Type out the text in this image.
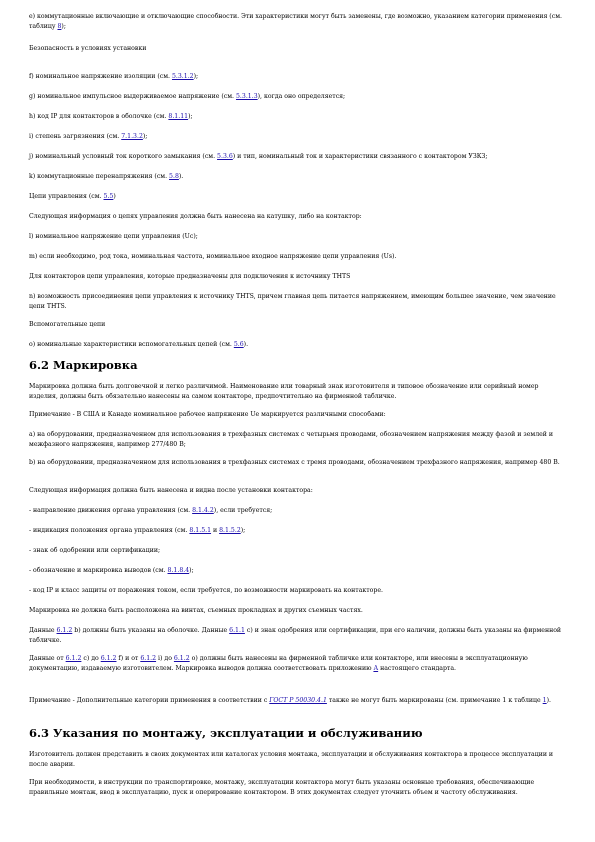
е) коммутационные включающие и отключающие способности. Эти характеристики могут быть заменены, где возможно, указанием категории применения (см. таблицу 8);
Безопасность в условиях установки
f) номинальное напряжение изоляции (см. 5.3.1.2);
g) номинальное импульсное выдерживаемое напряжение (см. 5.3.1.3), когда оно определяется;
h) код IP для контакторов в оболочке (см. 8.1.11);
i) степень загрязнения (см. 7.1.3.2);
j) номинальный условный ток короткого замыкания (см. 5.3.6) и тип, номинальный ток и характеристики связанного с контактором УЗКЗ;
k) коммутационные перенапряжения (см. 5.8).
Цепи управления (см. 5.5)
Следующая информация о цепях управления должна быть нанесена на катушку, либо на контактор:
l) номинальное напряжение цепи управления (Uc);
m) если необходимо, род тока, номинальная частота, номинальное входное напряжение цепи управления (Us).
Для контакторов цепи управления, которые предназначены для подключения к источнику ТНТS
n) возможность присоединения цепи управления к источнику ТНТS, причем главная цепь питается напряжением, имеющим большее значение, чем значение цепи ТНТS.
Вспомогательные цепи
о) номинальные характеристики вспомогательных цепей (см. 5.6).
6.2 Маркировка
Маркировка должна быть долговечной и легко различимой. Наименование или товарный знак изготовителя и типовое обозначение или серийный номер изделия, должны быть обязательно нанесены на самом контакторе, предпочтительно на фирменной табличке.
Примечание - В США и Канаде номинальное рабочее напряжение Ue маркируется различными способами:
a) на оборудовании, предназначенном для использования в трехфазных системах с четырьмя проводами, обозначением напряжения между фазой и землей и межфазного напряжения, например 277/480 В;
b) на оборудовании, предназначенном для использования в трехфазных системах с тремя проводами, обозначением трехфазного напряжения, например 480 В.
Следующая информация должна быть нанесена и видна после установки контактора:
- направление движения органа управления (см. 8.1.4.2), если требуется;
- индикация положения органа управления (см. 8.1.5.1 и 8.1.5.2);
- знак об одобрении или сертификации;
- обозначение и маркировка выводов (см. 8.1.8.4);
- код IP и класс защиты от поражения током, если требуется, по возможности маркировать на контакторе.
Маркировка не должна быть расположена на винтах, съемных прокладках и других съемных частях.
Данные 6.1.2 b) должны быть указаны на оболочке. Данные 6.1.1 c) и знак одобрения или сертификации, при его наличии, должны быть указаны на фирменной табличке.
Данные от 6.1.2 c) до 6.1.2 f) и от 6.1.2 i) до 6.1.2 o) должны быть нанесены на фирменной табличке или контакторе, или внесены в эксплуатационную документацию, издаваемую изготовителем. Маркировка выводов должна соответствовать приложению А настоящего стандарта.
Примечание - Дополнительные категории применения в соответствии с ГОСТ Р 50030.4.1 также не могут быть маркированы (см. примечание 1 к таблице 1).
6.3 Указания по монтажу, эксплуатации и обслуживанию
Изготовитель должен представить в своих документах или каталогах условия монтажа, эксплуатации и обслуживания контактора в процессе эксплуатации и после аварии.
При необходимости, в инструкции по транспортировке, монтажу, эксплуатации контактора могут быть указаны основные требования, обеспечивающие правильные монтаж, ввод в эксплуатацию, пуск и оперирование контактором. В этих документах следует уточнить объем и частоту обслуживания.
